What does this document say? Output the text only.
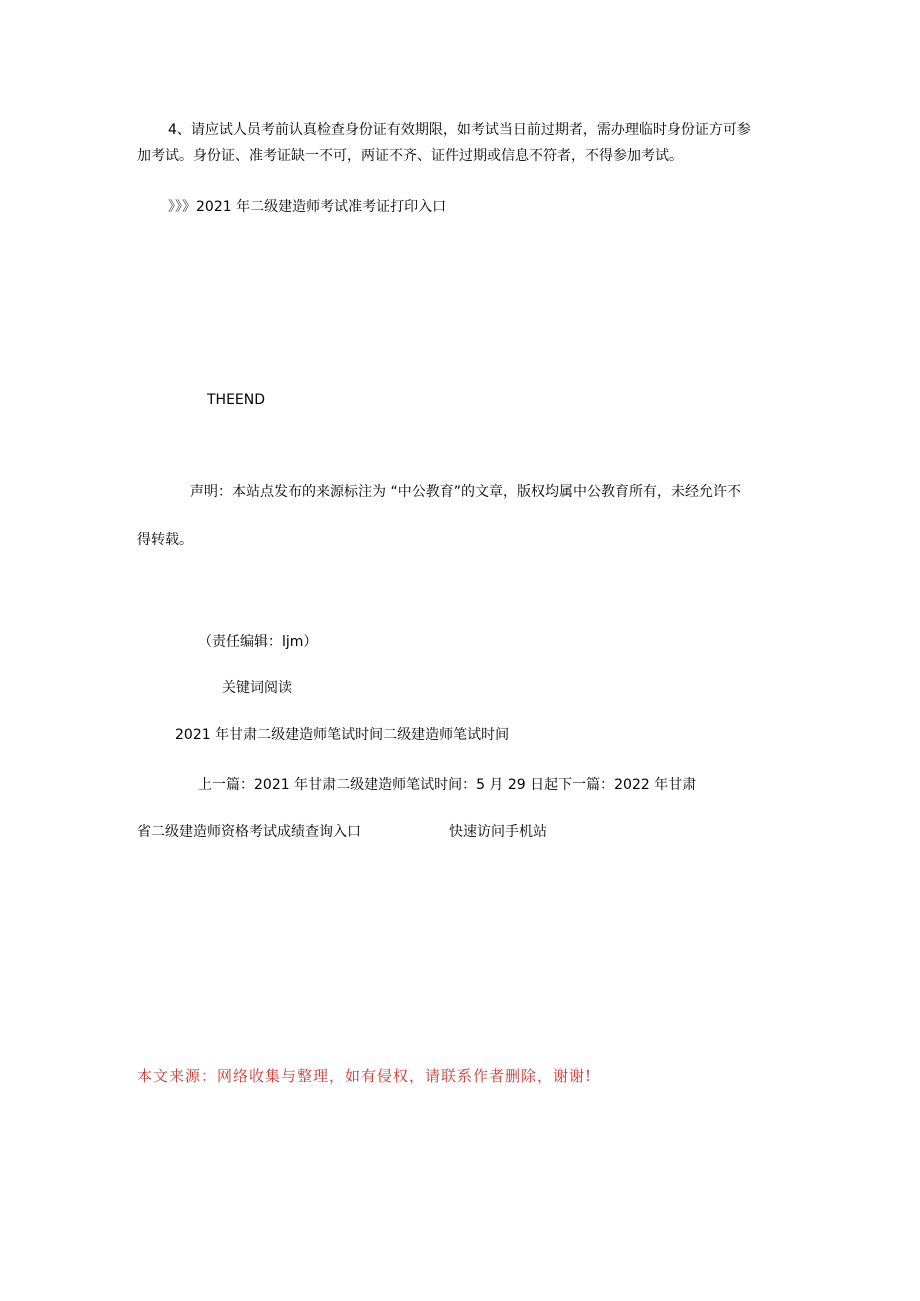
4、请应试人员考前认真检查身份证有效期限，如考试当日前过期者，需办理临时身份证方可参
加考试。身份证、准考证缺一不可，两证不齐、证件过期或信息不符者，不得参加考试。
》》》2021 年二级建造师考试准考证打印入口
THEEND
声明：本站点发布的来源标注为 “中公教育”的文章，版权均属中公教育所有，未经允许不
得转载。
（责任编辑：ljm）
关键词阅读
2021 年甘肃二级建造师笔试时间二级建造师笔试时间
上一篇：2021 年甘肃二级建造师笔试时间：5 月 29 日起下一篇：2022 年甘肃
省二级建造师资格考试成绩查询入口	快速访问手机站
本文来源：网络收集与整理，如有侵权，请联系作者删除，谢谢!
